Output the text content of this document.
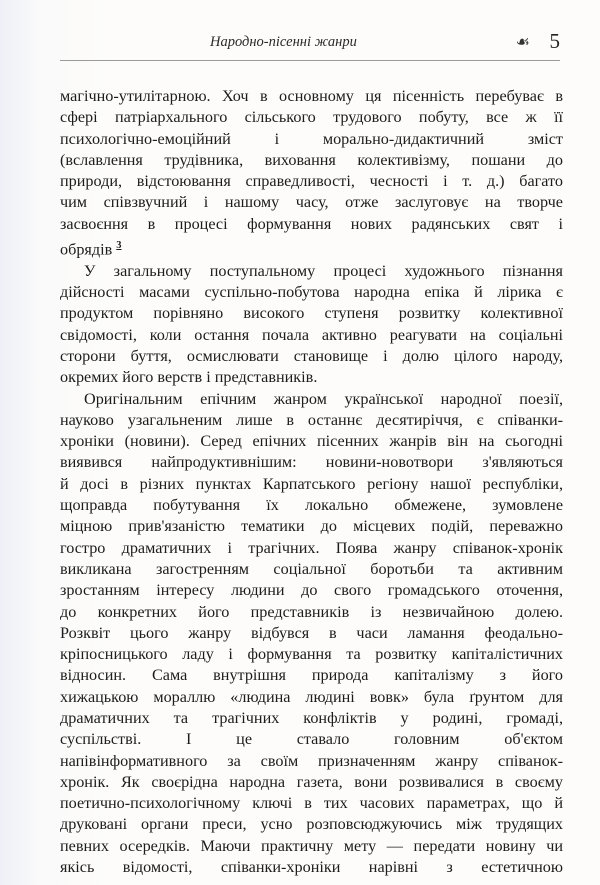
Народно-пісенні жанри	☙ 5

магічно-утилітарною. Хоч в основному ця пісенність перебуває в

сфері патріархального сільського трудового побуту, все ж її

психологічно-емоційний і морально-дидактичний зміст

(вславлення трудівника, виховання колективізму, пошани до

природи, відстоювання справедливості, чесності і т. д.) багато

чим співзвучний і нашому часу, отже заслуговує на творче

засвоєння в процесі формування нових радянських свят і

обрядів $^3$

У загальному поступальному процесі художнього пізнання

дійсності масами суспільно-побутова народна епіка й лірика є

продуктом порівняно високого ступеня розвитку колективної

свідомості, коли остання почала активно реагувати на соціальні

сторони буття, осмислювати становище і долю цілого народу,

окремих його верств і представників.

Оригінальним епічним жанром української народної поезії,

науково узагальненим лише в останнє десятиріччя, є співанки-

хроніки (новини). Серед епічних пісенних жанрів він на сьогодні

виявився найпродуктивнішим: новини-новотвори з'являються

й досі в різних пунктах Карпатського регіону нашої республіки,

щоправда побутування їх локально обмежене, зумовлене

міцною прив'язаністю тематики до місцевих подій, переважно

гостро драматичних і трагічних. Поява жанру співанок-хронік

викликана загостренням соціальної боротьби та активним

зростанням інтересу людини до свого громадського оточення,

до конкретних його представників із незвичайною долею.

Розквіт цього жанру відбувся в часи ламання феодально-

кріпосницького ладу і формування та розвитку капіталістичних

відносин. Сама внутрішня природа капіталізму з його

хижацькою мораллю «людина людині вовк» була ґрунтом для

драматичних та трагічних конфліктів у родині, громаді,

суспільстві. І це ставало головним об'єктом

напівінформативного за своїм призначенням жанру співанок-

хронік. Як своєрідна народна газета, вони розвивалися в своєму

поетично-психологічному ключі в тих часових параметрах, що й

друковані органи преси, усно розповсюджуючись між трудящих

певних осередків. Маючи практичну мету — передати новину чи

якісь відомості, співанки-хроніки нарівні з естетичною
